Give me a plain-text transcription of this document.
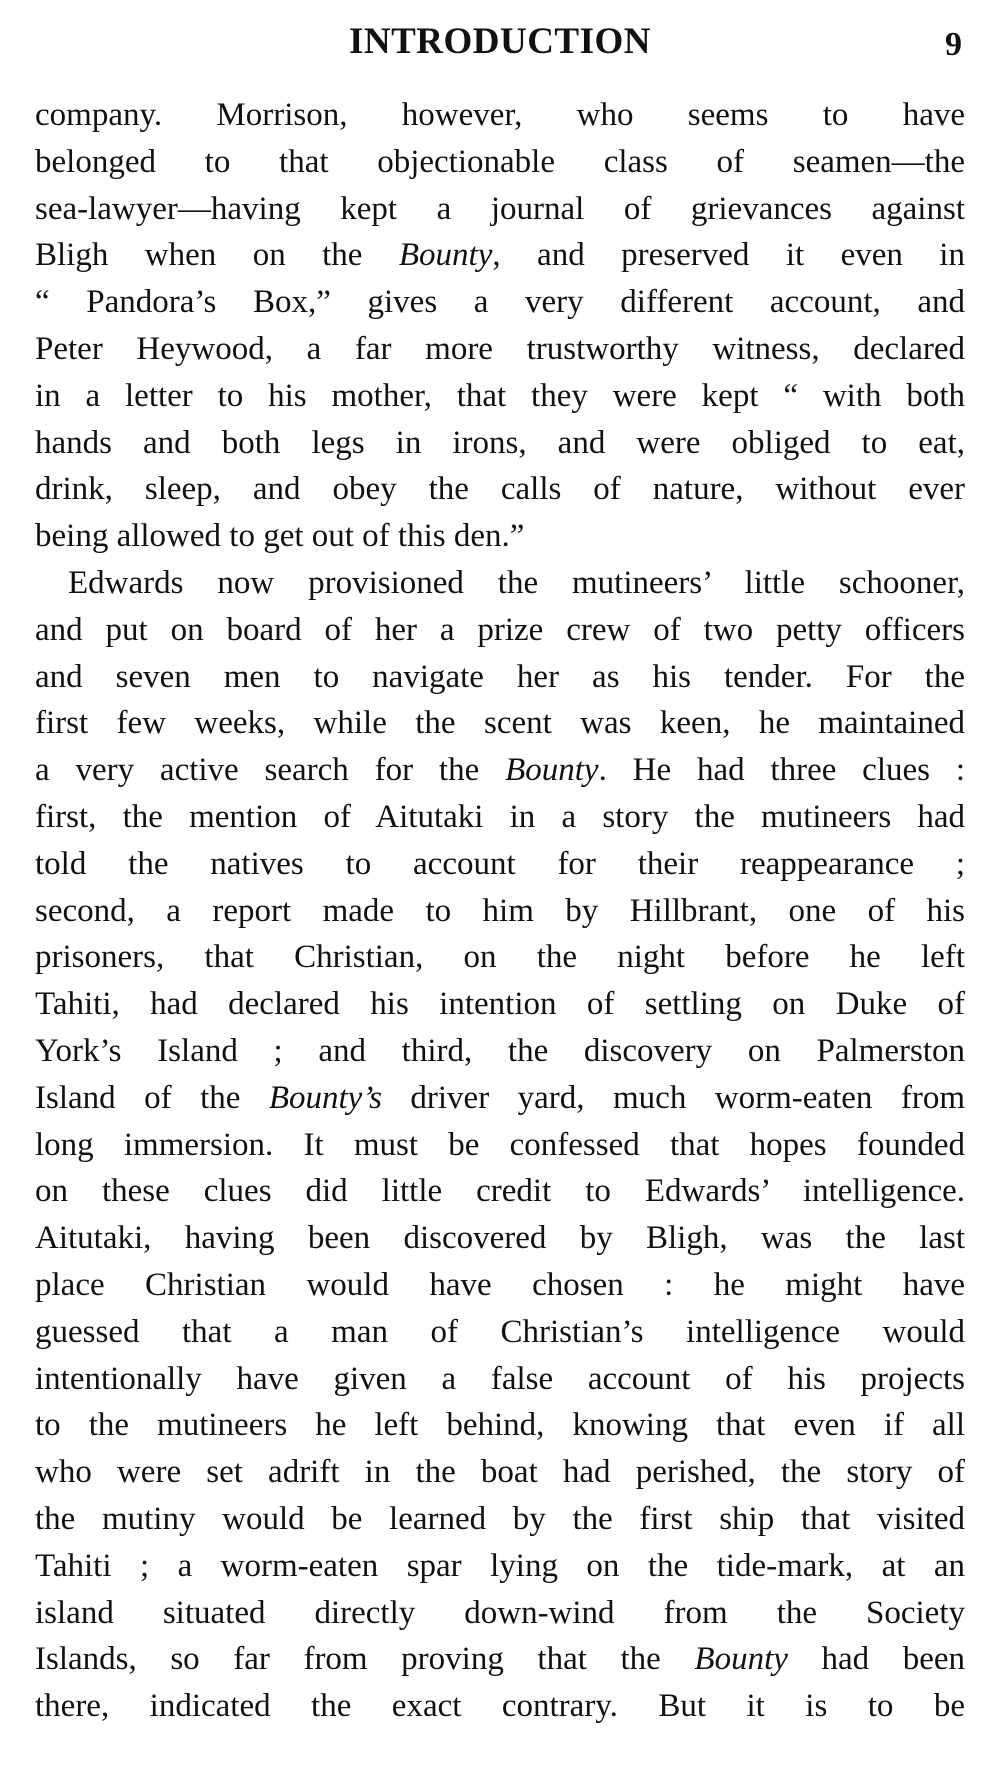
INTRODUCTION	9
company. Morrison, however, who seems to have
belonged to that objectionable class of seamen—the
sea-lawyer—having kept a journal of grievances against
Bligh when on the Bounty, and preserved it even in
“ Pandora’s Box,” gives a very different account, and
Peter Heywood, a far more trustworthy witness, declared
in a letter to his mother, that they were kept “ with both
hands and both legs in irons, and were obliged to eat,
drink, sleep, and obey the calls of nature, without ever
being allowed to get out of this den.”
Edwards now provisioned the mutineers’ little schooner,
and put on board of her a prize crew of two petty officers
and seven men to navigate her as his tender. For the
first few weeks, while the scent was keen, he maintained
a very active search for the Bounty. He had three clues :
first, the mention of Aitutaki in a story the mutineers had
told the natives to account for their reappearance ;
second, a report made to him by Hillbrant, one of his
prisoners, that Christian, on the night before he left
Tahiti, had declared his intention of settling on Duke of
York’s Island ; and third, the discovery on Palmerston
Island of the Bounty’s driver yard, much worm-eaten from
long immersion. It must be confessed that hopes founded
on these clues did little credit to Edwards’ intelligence.
Aitutaki, having been discovered by Bligh, was the last
place Christian would have chosen : he might have
guessed that a man of Christian’s intelligence would
intentionally have given a false account of his projects
to the mutineers he left behind, knowing that even if all
who were set adrift in the boat had perished, the story of
the mutiny would be learned by the first ship that visited
Tahiti ; a worm-eaten spar lying on the tide-mark, at an
island situated directly down-wind from the Society
Islands, so far from proving that the Bounty had been
there, indicated the exact contrary. But it is to be
